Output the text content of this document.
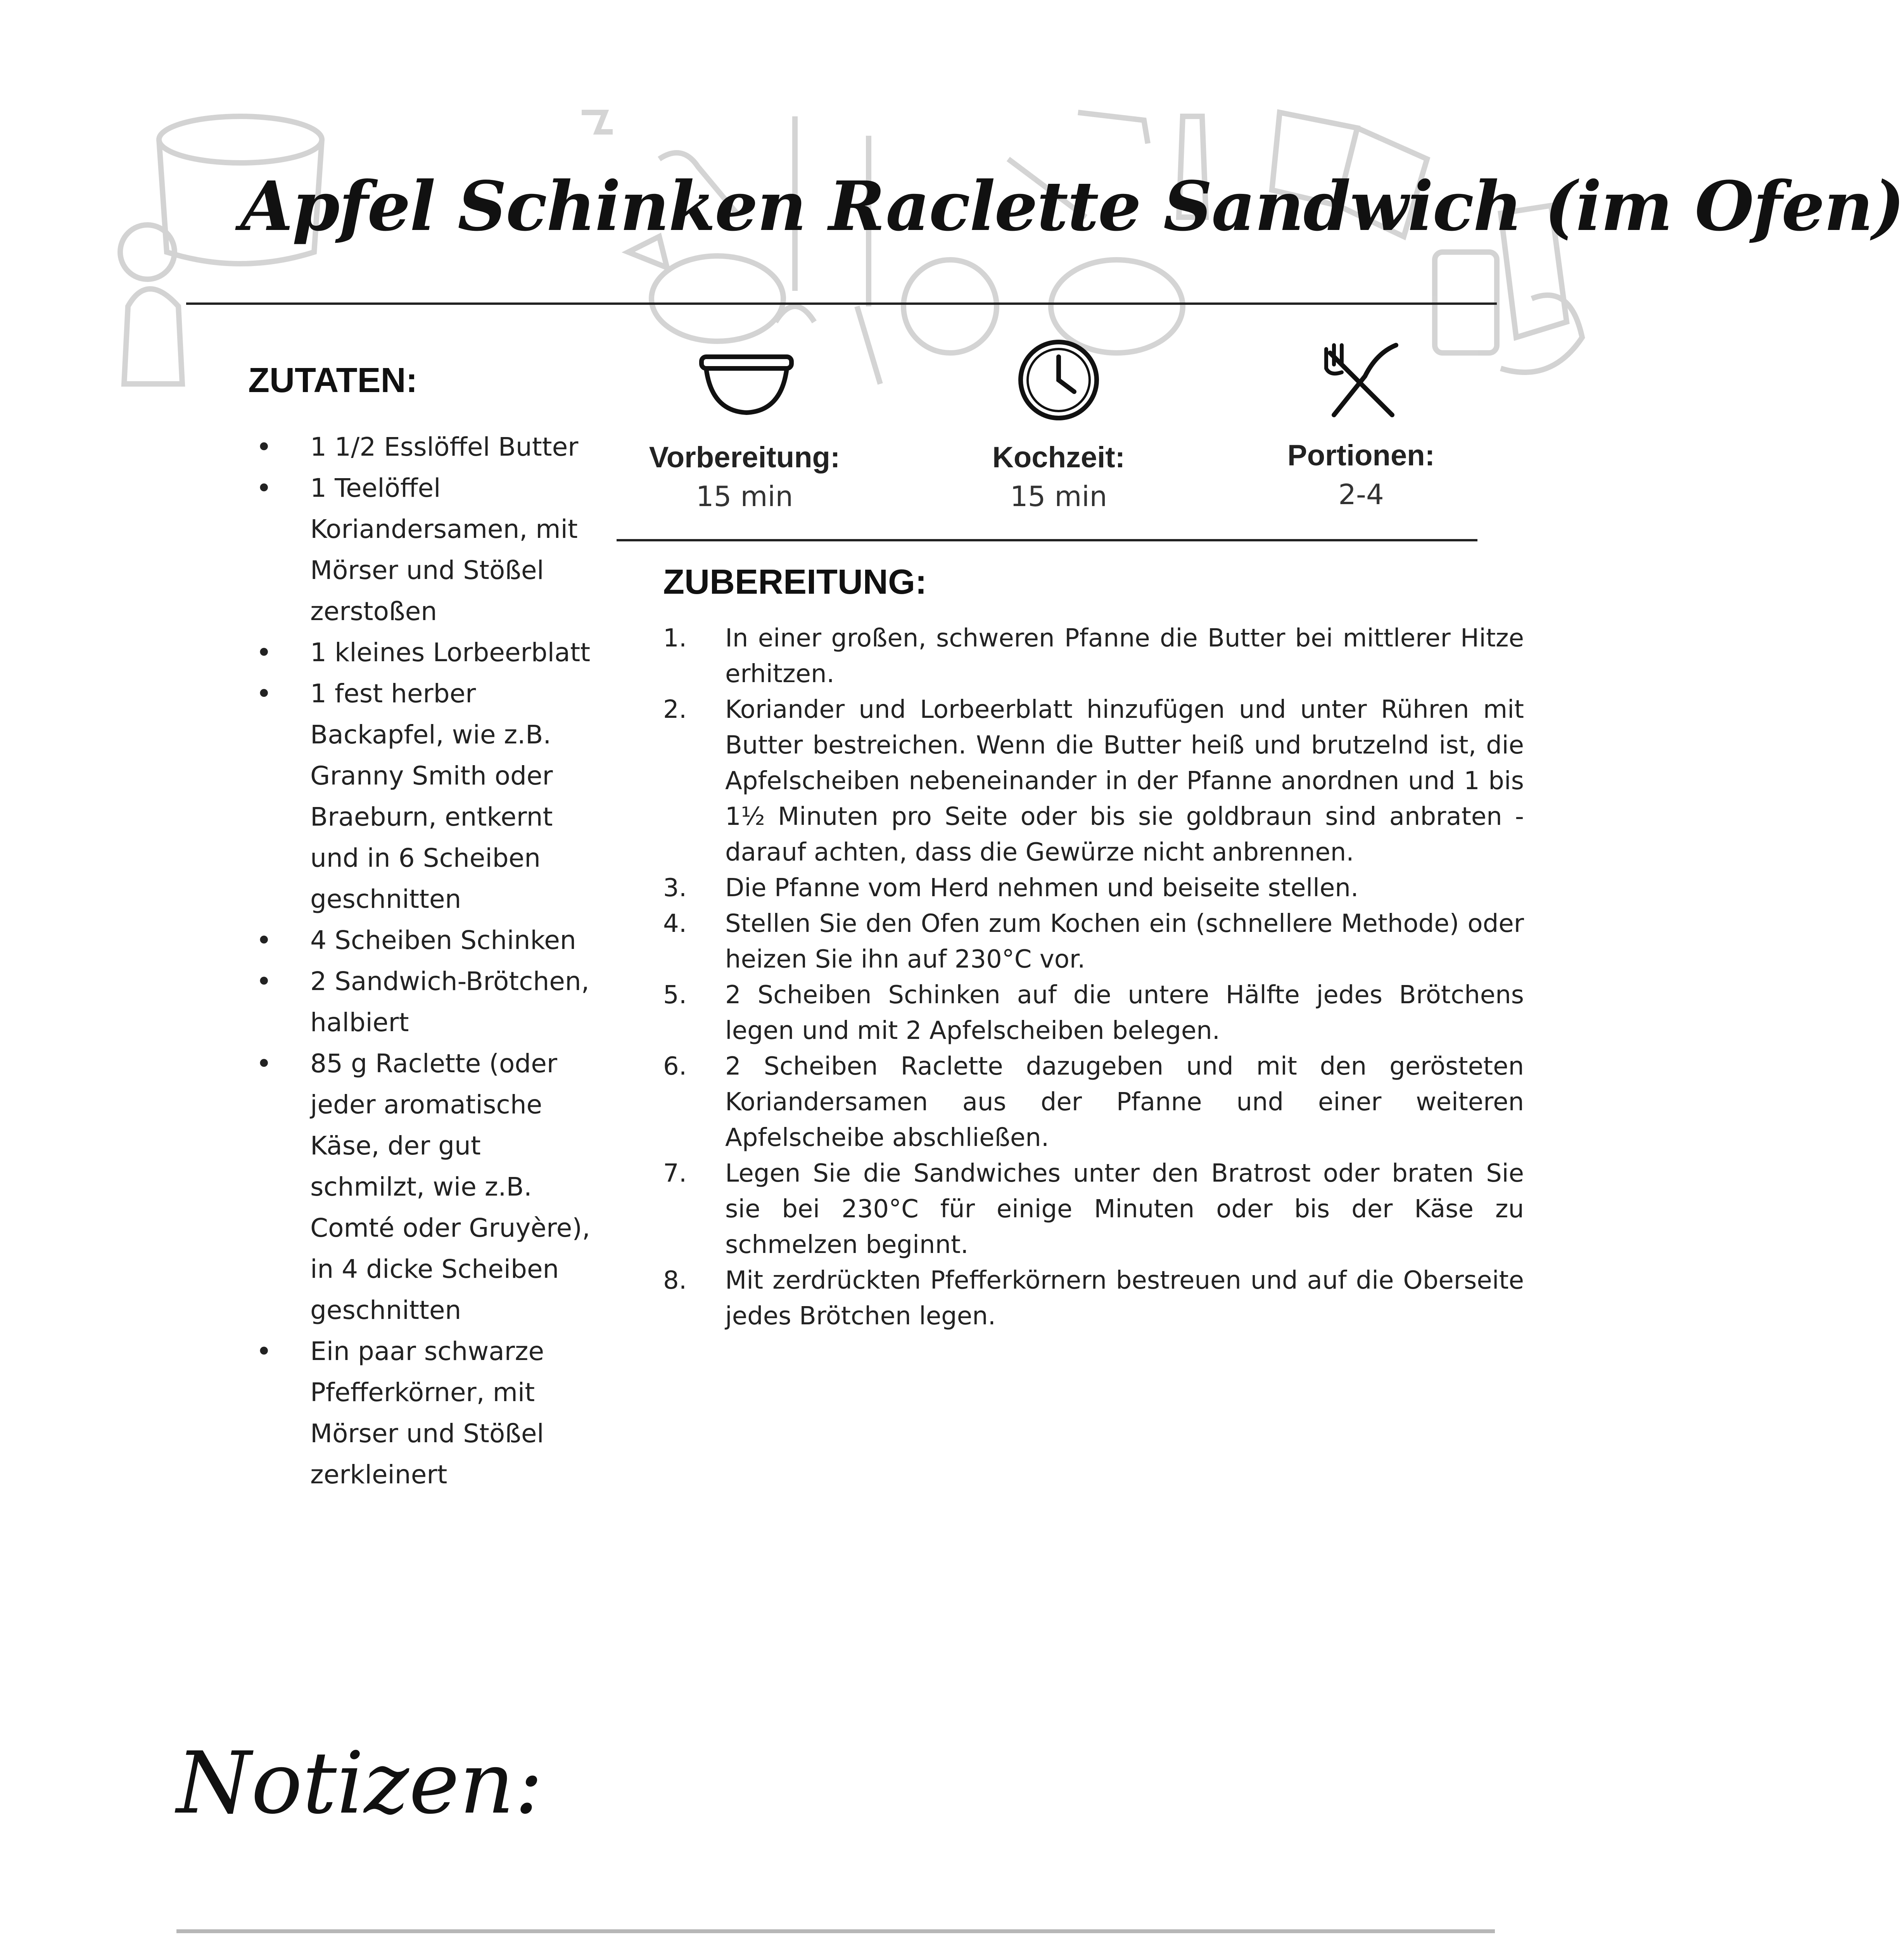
Apfel Schinken Raclette Sandwich (im Ofen)
ZUTATEN:
• 1 1/2 Esslöffel Butter
• 1 Teelöffel Koriandersamen, mit Mörser und Stößel zerstoßen
• 1 kleines Lorbeerblatt
• 1 fest herber Backapfel, wie z.B. Granny Smith oder Braeburn, entkernt und in 6 Scheiben geschnitten
• 4 Scheiben Schinken
• 2 Sandwich-Brötchen, halbiert
• 85 g Raclette (oder jeder aromatische Käse, der gut schmilzt, wie z.B. Comté oder Gruyère), in 4 dicke Scheiben geschnitten
• Ein paar schwarze Pfefferkörner, mit Mörser und Stößel zerkleinert
Vorbereitung:
15 min
Kochzeit:
15 min
Portionen:
2-4
ZUBEREITUNG:
1. In einer großen, schweren Pfanne die Butter bei mittlerer Hitze erhitzen.
2. Koriander und Lorbeerblatt hinzufügen und unter Rühren mit Butter bestreichen. Wenn die Butter heiß und brutzelnd ist, die Apfelscheiben nebeneinander in der Pfanne anordnen und 1 bis 1½ Minuten pro Seite oder bis sie goldbraun sind anbraten - darauf achten, dass die Gewürze nicht anbrennen.
3. Die Pfanne vom Herd nehmen und beiseite stellen.
4. Stellen Sie den Ofen zum Kochen ein (schnellere Methode) oder heizen Sie ihn auf 230°C vor.
5. 2 Scheiben Schinken auf die untere Hälfte jedes Brötchens legen und mit 2 Apfelscheiben belegen.
6. 2 Scheiben Raclette dazugeben und mit den gerösteten Koriandersamen aus der Pfanne und einer weiteren Apfelscheibe abschließen.
7. Legen Sie die Sandwiches unter den Bratrost oder braten Sie sie bei 230°C für einige Minuten oder bis der Käse zu schmelzen beginnt.
8. Mit zerdrückten Pfefferkörnern bestreuen und auf die Oberseite jedes Brötchen legen.
Notizen:
